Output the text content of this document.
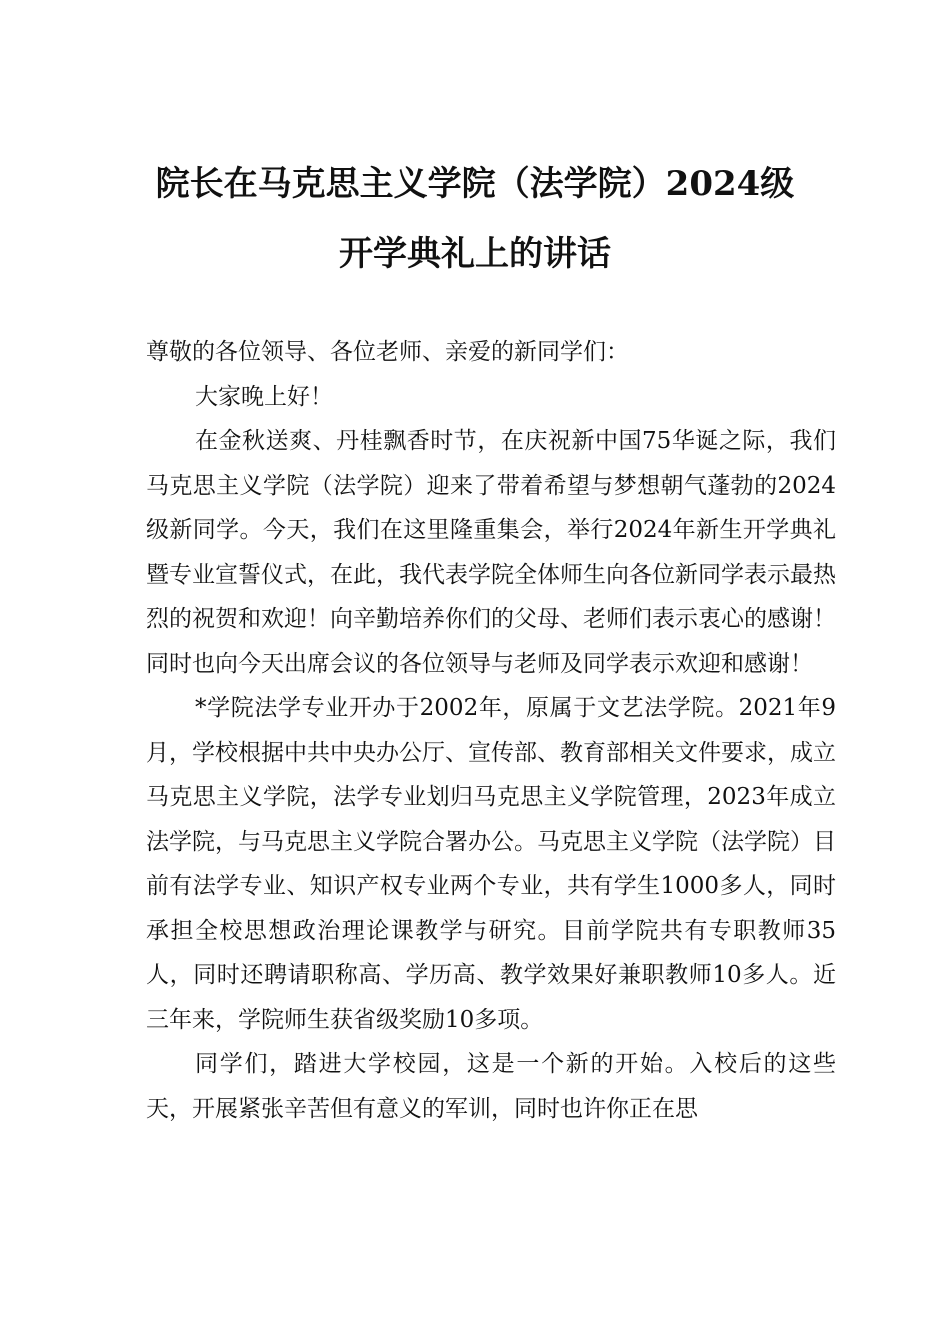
院长在马克思主义学院（法学院）2024级
开学典礼上的讲话

尊敬的各位领导、各位老师、亲爱的新同学们：

大家晚上好！

在金秋送爽、丹桂飘香时节，在庆祝新中国75华诞之际，我们马克思主义学院（法学院）迎来了带着希望与梦想朝气蓬勃的2024级新同学。今天，我们在这里隆重集会，举行2024年新生开学典礼暨专业宣誓仪式，在此，我代表学院全体师生向各位新同学表示最热烈的祝贺和欢迎！向辛勤培养你们的父母、老师们表示衷心的感谢！同时也向今天出席会议的各位领导与老师及同学表示欢迎和感谢！

*学院法学专业开办于2002年，原属于文艺法学院。2021年9月，学校根据中共中央办公厅、宣传部、教育部相关文件要求，成立马克思主义学院，法学专业划归马克思主义学院管理，2023年成立法学院，与马克思主义学院合署办公。马克思主义学院（法学院）目前有法学专业、知识产权专业两个专业，共有学生1000多人，同时承担全校思想政治理论课教学与研究。目前学院共有专职教师35人，同时还聘请职称高、学历高、教学效果好兼职教师10多人。近三年来，学院师生获省级奖励10多项。

同学们，踏进大学校园，这是一个新的开始。入校后的这些天，开展紧张辛苦但有意义的军训，同时也许你正在思
